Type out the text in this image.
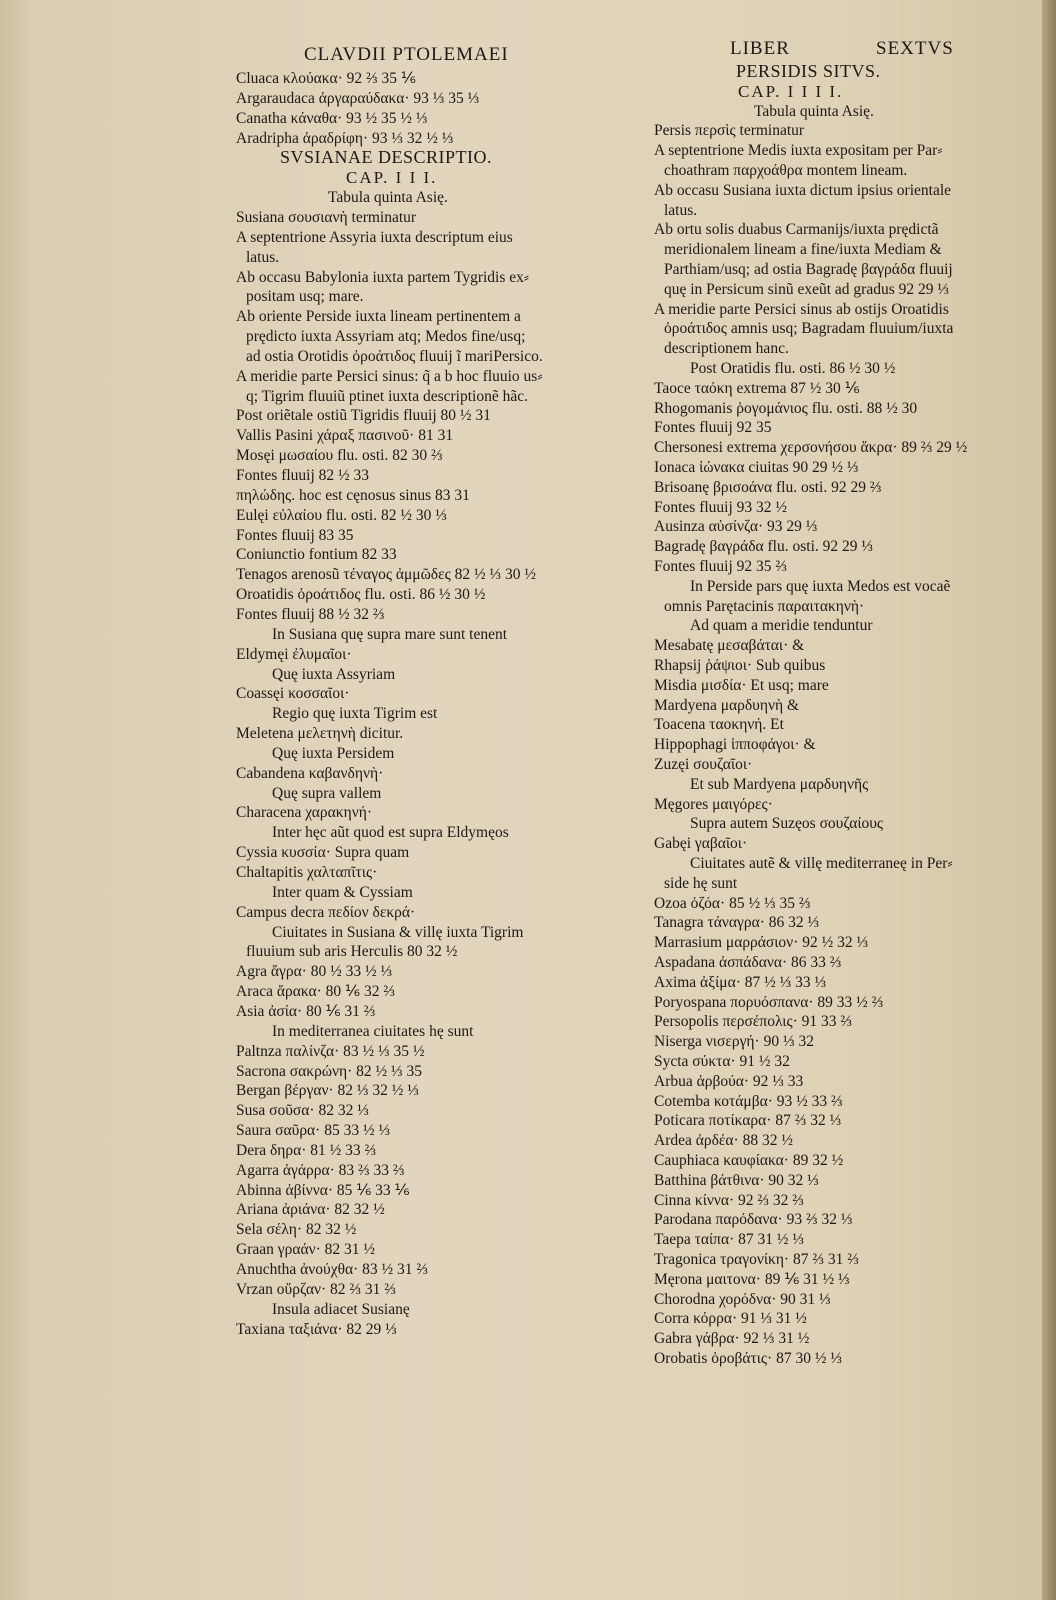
CLAVDII PTOLEMAEI	LIBER	SEXTVS
Cluaca κλούακα· 92 ⅔ 35 ⅙
Argaraudaca ἀργαραύδακα· 93 ⅓ 35 ⅓
Canatha κάναθα· 93 ½ 35 ½ ⅓
Aradripha ἀραδρίφη· 93 ⅓ 32 ½ ⅓
SVSIANAE DESCRIPTIO.
CAP. I I I.
Tabula quinta Asię.
Susiana σουσιανὴ terminatur
A septentrione Assyria iuxta descriptum eius
latus.
Ab occasu Babylonia iuxta partem Tygridis ex⸗
positam usq; mare.
Ab oriente Perside iuxta lineam pertinentem a
prędicto iuxta Assyriam atq; Medos fine/usq;
ad ostia Orotidis ὀροάτιδος fluuij ĩ mariPersico.
A meridie parte Persici sinus: q̃ a b hoc fluuio us⸗
q; Tigrim fluuiũ ptinet iuxta descriptionẽ hãc.
Post oriẽtale ostiũ Tigridis fluuij 80 ½ 31
Vallis Pasini χάραξ πασινοῦ· 81 31
Mosęi μωσαίου flu. osti. 82 30 ⅔
Fontes fluuij 82 ½ 33
πηλώδης. hoc est cęnosus sinus 83 31
Eulęi εὐλαίου flu. osti. 82 ½ 30 ⅓
Fontes fluuij 83 35
Coniunctio fontium 82 33
Tenagos arenosũ τέναγος ἀμμῶδες 82 ½ ⅓ 30 ½
Oroatidis ὀροάτιδος flu. osti. 86 ½ 30 ½
Fontes fluuij 88 ½ 32 ⅔
In Susiana quę supra mare sunt tenent
Eldymęi ἐλυμαῖοι·
Quę iuxta Assyriam
Coassęi κοσσαῖοι·
Regio quę iuxta Tigrim est
Meletena μελετηνὴ dicitur.
Quę iuxta Persidem
Cabandena καβανδηνὴ·
Quę supra vallem
Characena χαρακηνή·
Inter hęc aũt quod est supra Eldymęos
Cyssia κυσσία· Supra quam
Chaltapitis χαλταπῖτις·
Inter quam & Cyssiam
Campus decra πεδίον δεκρά·
Ciuitates in Susiana & villę iuxta Tigrim
fluuium sub aris Herculis 80 32 ½
Agra ἄγρα· 80 ½ 33 ½ ⅓
Araca ἄρακα· 80 ⅙ 32 ⅔
Asia ἀσία· 80 ⅙ 31 ⅔
In mediterranea ciuitates hę sunt
Paltnza παλίνζα· 83 ½ ⅓ 35 ½
Sacrona σακρώνη· 82 ½ ⅓ 35
Bergan βέργαν· 82 ⅓ 32 ½ ⅓
Susa σοῦσα· 82 32 ⅓
Saura σαῦρα· 85 33 ½ ⅓
Dera δηρα· 81 ½ 33 ⅔
Agarra ἀγάρρα· 83 ⅔ 33 ⅔
Abinna ἀβίννα· 85 ⅙ 33 ⅙
Ariana ἀριάνα· 82 32 ½
Sela σέλη· 82 32 ½
Graan γραάν· 82 31 ½
Anuchtha ἀνούχθα· 83 ½ 31 ⅔
Vrzan οὔρζαν· 82 ⅔ 31 ⅔
Insula adiacet Susianę
Taxiana ταξιάνα· 82 29 ⅓
PERSIDIS SITVS.
CAP. I I I I.
Tabula quinta Asię.
Persis περσὶς terminatur
A septentrione Medis iuxta expositam per Par⸗
choathram παρχοάθρα montem lineam.
Ab occasu Susiana iuxta dictum ipsius orientale
latus.
Ab ortu solis duabus Carmanijs/iuxta prędictã
meridionalem lineam a fine/iuxta Mediam &
Parthiam/usq; ad ostia Bagradę βαγράδα fluuij
quę in Persicum sinũ exeũt ad gradus 92 29 ⅓
A meridie parte Persici sinus ab ostijs Oroatidis
ὀροάτιδος amnis usq; Bagradam fluuium/iuxta
descriptionem hanc.
Post Oratidis flu. osti. 86 ½ 30 ½
Taoce ταόκη extrema 87 ½ 30 ⅙
Rhogomanis ῥογομάνιος flu. osti. 88 ½ 30
Fontes fluuij 92 35
Chersonesi extrema χερσονήσου ἄκρα· 89 ⅔ 29 ½
Ionaca ἰώνακα ciuitas 90 29 ½ ⅓
Brisoanę βρισοάνα flu. osti. 92 29 ⅔
Fontes fluuij 93 32 ½
Ausinza αὐσίνζα· 93 29 ⅓
Bagradę βαγράδα flu. osti. 92 29 ⅓
Fontes fluuij 92 35 ⅔
In Perside pars quę iuxta Medos est vocaẽ
omnis Parętacinis παραιτακηνὴ·
Ad quam a meridie tenduntur
Mesabatę μεσαβάται· &
Rhapsij ῥάψιοι· Sub quibus
Misdia μισδία· Et usq; mare
Mardyena μαρδυηνὴ &
Toacena ταοκηνή. Et
Hippophagi ἱπποφάγοι· &
Zuzęi σουζαῖοι·
Et sub Mardyena μαρδυηνῆς
Męgores μαιγόρες·
Supra autem Suzęos σουζαίους
Gabęi γαβαῖοι·
Ciuitates autẽ & villę mediterraneę in Per⸗
side hę sunt
Ozoa ὀζόα· 85 ½ ⅓ 35 ⅔
Tanagra τάναγρα· 86 32 ⅓
Marrasium μαρράσιον· 92 ½ 32 ⅓
Aspadana ἀσπάδανα· 86 33 ⅔
Axima ἀξίμα· 87 ½ ⅓ 33 ⅓
Poryospana πορυόσπανα· 89 33 ½ ⅔
Persopolis περσέπολις· 91 33 ⅔
Niserga νισεργή· 90 ⅓ 32
Sycta σύκτα· 91 ½ 32
Arbua ἀρβούα· 92 ⅓ 33
Cotemba κοτάμβα· 93 ½ 33 ⅔
Poticara ποτίκαρα· 87 ⅔ 32 ⅓
Ardea ἀρδέα· 88 32 ½
Cauphiaca καυφίακα· 89 32 ½
Batthina βάτθινα· 90 32 ⅓
Cinna κίννα· 92 ⅔ 32 ⅔
Parodana παρόδανα· 93 ⅔ 32 ⅓
Taepa ταίπα· 87 31 ½ ⅓
Tragonica τραγονίκη· 87 ⅔ 31 ⅔
Męrona μαιτονα· 89 ⅙ 31 ½ ⅓
Chorodna χορόδνα· 90 31 ⅓
Corra κόρρα· 91 ⅓ 31 ½
Gabra γάβρα· 92 ⅓ 31 ½
Orobatis ὀροβάτις· 87 30 ½ ⅓
